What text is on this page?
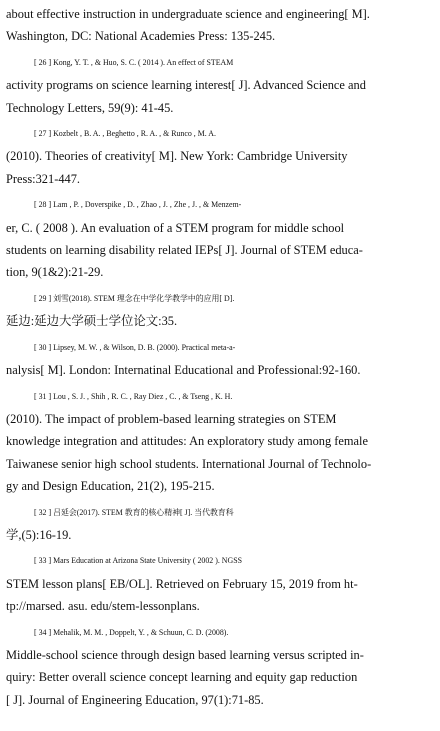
about effective instruction in undergraduate science and engineering[ M].
Washington, DC: National Academies Press: 135-245.
[ 26 ] Kong, Y. T. , & Huo, S. C. ( 2014 ). An effect of STEAM
activity programs on science learning interest[ J]. Advanced Science and
Technology Letters, 59(9): 41-45.
[ 27 ] Kozbelt , B. A. , Beghetto , R. A. , & Runco , M. A.
(2010). Theories of creativity[ M]. New York: Cambridge University
Press:321-447.
[ 28 ] Lam , P. , Doverspike , D. , Zhao , J. , Zhe , J. , & Menzem-
er, C. ( 2008 ). An evaluation of a STEM program for middle school
students on learning disability related IEPs[ J]. Journal of STEM educa-
tion, 9(1&2):21-29.
[ 29 ] 刘雪(2018). STEM 理念在中学化学教学中的应用[ D].
延边:延边大学硕士学位论文:35.
[ 30 ] Lipsey, M. W. , & Wilson, D. B. (2000). Practical meta-a-
nalysis[ M]. London: Internatinal Educational and Professional:92-160.
[ 31 ] Lou , S. J. , Shih , R. C. , Ray Diez , C. , & Tseng , K. H.
(2010). The impact of problem-based learning strategies on STEM
knowledge integration and attitudes: An exploratory study among female
Taiwanese senior high school students. International Journal of Technolo-
gy and Design Education, 21(2), 195-215.
[ 32 ] 吕延会(2017). STEM 教育的核心精神[ J]. 当代教育科
学,(5):16-19.
[ 33 ] Mars Education at Arizona State University ( 2002 ). NGSS
STEM lesson plans[ EB/OL]. Retrieved on February 15, 2019 from ht-
tp://marsed. asu. edu/stem-lessonplans.
[ 34 ] Mehalik, M. M. , Doppelt, Y. , & Schuun, C. D. (2008).
Middle-school science through design based learning versus scripted in-
quiry: Better overall science concept learning and equity gap reduction
[ J]. Journal of Engineering Education, 97(1):71-85.
